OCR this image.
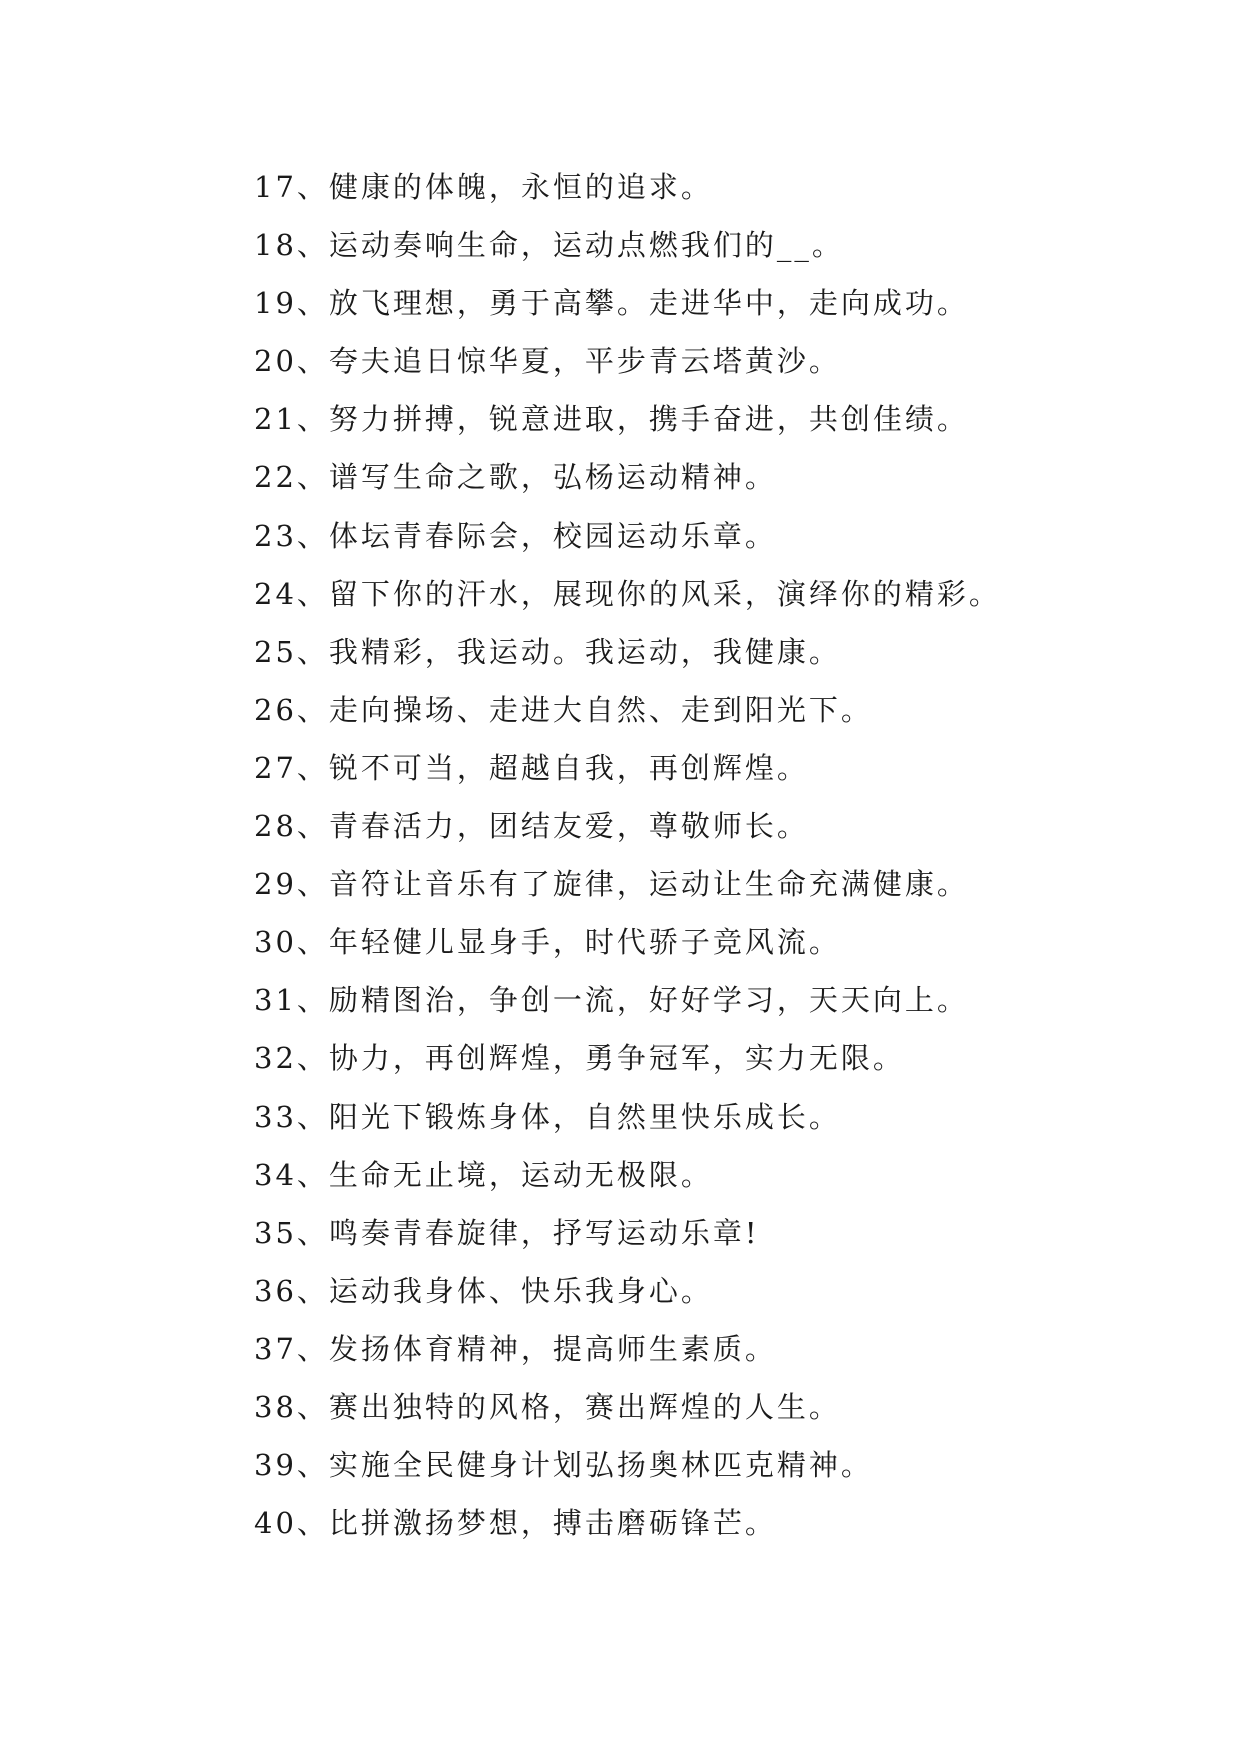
17、健康的体魄，永恒的追求。
18、运动奏响生命，运动点燃我们的__。
19、放飞理想，勇于高攀。走进华中，走向成功。
20、夸夫追日惊华夏，平步青云塔黄沙。
21、努力拼搏，锐意进取，携手奋进，共创佳绩。
22、谱写生命之歌，弘杨运动精神。
23、体坛青春际会，校园运动乐章。
24、留下你的汗水，展现你的风采，演绎你的精彩。
25、我精彩，我运动。我运动，我健康。
26、走向操场、走进大自然、走到阳光下。
27、锐不可当，超越自我，再创辉煌。
28、青春活力，团结友爱，尊敬师长。
29、音符让音乐有了旋律，运动让生命充满健康。
30、年轻健儿显身手，时代骄子竞风流。
31、励精图治，争创一流，好好学习，天天向上。
32、协力，再创辉煌，勇争冠军，实力无限。
33、阳光下锻炼身体，自然里快乐成长。
34、生命无止境，运动无极限。
35、鸣奏青春旋律，抒写运动乐章!
36、运动我身体、快乐我身心。
37、发扬体育精神，提高师生素质。
38、赛出独特的风格，赛出辉煌的人生。
39、实施全民健身计划弘扬奥林匹克精神。
40、比拼激扬梦想，搏击磨砺锋芒。
